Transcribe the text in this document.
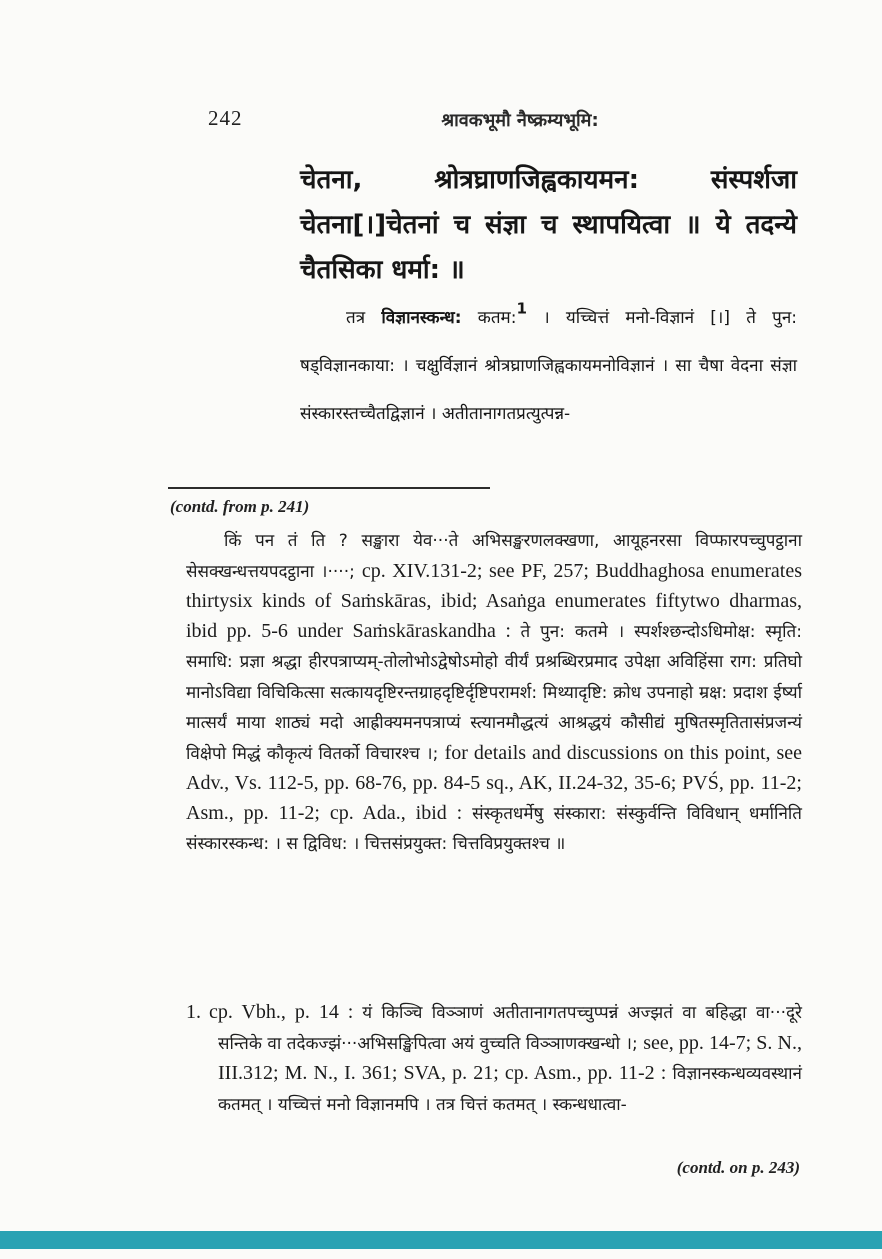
242	श्रावकभूमौ नैष्क्रम्यभूमि:

चेतना, श्रोत्रघ्राणजिह्वकायमन: संस्पर्शजा चेतना[।]चेतनां च संज्ञा च स्थापयित्वा ॥ ये तदन्ये चैतसिका धर्मा: ॥

तत्र विज्ञानस्कन्ध: कतम:$^1$ । यच्चित्तं मनो-विज्ञानं [।] ते पुन: षड्विज्ञानकाया: । चक्षुर्विज्ञानं श्रोत्रघ्राणजिह्वकायमनोविज्ञानं । सा चैषा वेदना संज्ञा संस्कारस्तच्चैतद्विज्ञानं । अतीतानागतप्रत्युत्पन्न-

(contd. from p. 241)
किं पन तं ति ? सङ्खारा येव···ते अभिसङ्खरणलक्खणा, आयूहनरसा विप्फारपच्चुपट्ठाना सेसक्खन्धत्तयपदट्ठाना ।····; cp. XIV.131-2; see PF, 257; Buddhaghosa enumerates thirtysix kinds of Saṁskāras, ibid; Asaṅga enumerates fiftytwo dharmas, ibid pp. 5-6 under Saṁskāraskandha : ते पुन: कतमे । स्पर्शश्छन्दोऽधिमोक्ष: स्मृति: समाधि: प्रज्ञा श्रद्धा हीरपत्राप्यम्-तोलोभोऽद्वेषोऽमोहो वीर्यं प्रश्रब्धिरप्रमाद उपेक्षा अविहिंसा राग: प्रतिघो मानोऽविद्या विचिकित्सा सत्कायदृष्टिरन्तग्राहदृष्टिर्दृष्टिपरामर्श: मिथ्यादृष्टि: क्रोध उपनाहो म्रक्ष: प्रदाश ईर्ष्या मात्सर्यं माया शाठ्यं मदो आह्रीक्यमनपत्राप्यं स्त्यानमौद्धत्यं आश्रद्धयं कौसीद्यं मुषितस्मृतितासंप्रजन्यं विक्षेपो मिद्धं कौकृत्यं वितर्को विचारश्च ।; for details and discussions on this point, see Adv., Vs. 112-5, pp. 68-76, pp. 84-5 sq., AK, II.24-32, 35-6; PVŚ, pp. 11-2; Asm., pp. 11-2; cp. Ada., ibid : संस्कृतधर्मेषु संस्कारा: संस्कुर्वन्ति विविधान् धर्मानिति संस्कारस्कन्ध: । स द्विविध: । चित्तसंप्रयुक्त: चित्तविप्रयुक्तश्च ॥
1. cp. Vbh., p. 14 : यं किञ्चि विञ्ञाणं अतीतानागतपच्चुप्पन्नं अज्झतं वा बहिद्धा वा···दूरे सन्तिके वा तदेकज्झं···अभिसङ्खिपित्वा अयं वुच्चति विञ्ञाणक्खन्धो ।; see, pp. 14-7; S. N., III.312; M. N., I. 361; SVA, p. 21; cp. Asm., pp. 11-2 : विज्ञानस्कन्धव्यवस्थानं कतमत् । यच्चित्तं मनो विज्ञानमपि । तत्र चित्तं कतमत् । स्कन्धधात्वा-
(contd. on p. 243)
